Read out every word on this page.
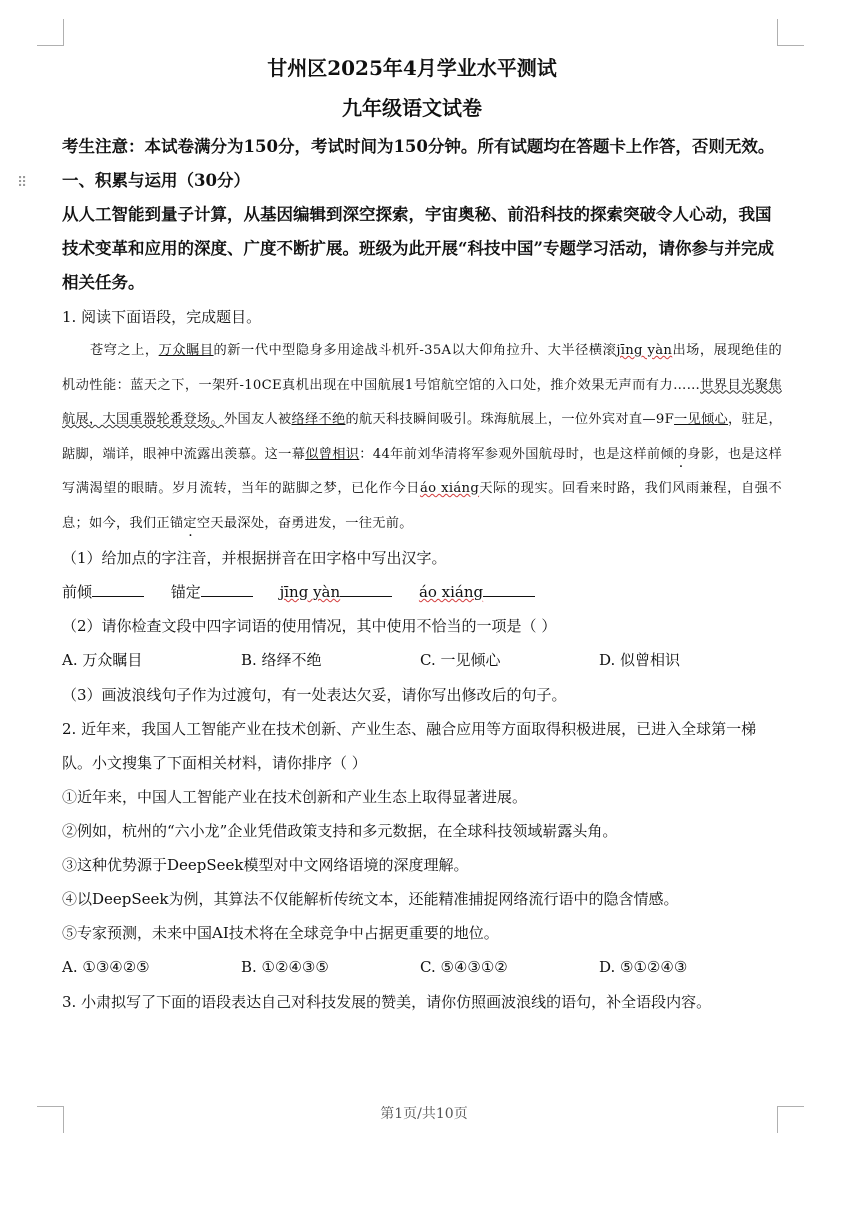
⠿
甘州区2025年4月学业水平测试
九年级语文试卷
考生注意：本试卷满分为150分，考试时间为150分钟。所有试题均在答题卡上作答，否则无效。
一、积累与运用（30分）
从人工智能到量子计算，从基因编辑到深空探索，宇宙奥秘、前沿科技的探索突破令人心动，我国技术变革和应用的深度、广度不断扩展。班级为此开展“科技中国”专题学习活动，请你参与并完成相关任务。
1. 阅读下面语段，完成题目。
苍穹之上，万众瞩目的新一代中型隐身多用途战斗机歼-35A以大仰角拉升、大半径横滚jīng yàn出场，展现绝佳的机动性能：蓝天之下，一架歼-10CE真机出现在中国航展1号馆航空馆的入口处，推介效果无声而有力……世界目光聚焦航展，大国重器轮番登场。外国友人被络绎不绝的航天科技瞬间吸引。珠海航展上，一位外宾对直—9F一见倾心，驻足，踮脚，端详，眼神中流露出羡慕。这一幕似曾相识：44年前刘华清将军参观外国航母时，也是这样前倾的身影，也是这样写满渴望的眼睛。岁月流转，当年的踮脚之梦，已化作今日áo xiáng天际的现实。回看来时路，我们风雨兼程，自强不息；如今，我们正锚定空天最深处，奋勇进发，一往无前。
（1）给加点的字注音，并根据拼音在田字格中写出汉字。
前倾	锚定	jīng yàn	áo xiáng
（2）请你检查文段中四字词语的使用情况，其中使用不恰当的一项是（ ）
A. 万众瞩目	B. 络绎不绝	C. 一见倾心	D. 似曾相识
（3）画波浪线句子作为过渡句，有一处表达欠妥，请你写出修改后的句子。
2. 近年来，我国人工智能产业在技术创新、产业生态、融合应用等方面取得积极进展，已进入全球第一梯队。小文搜集了下面相关材料，请你排序（ ）
①近年来，中国人工智能产业在技术创新和产业生态上取得显著进展。
②例如，杭州的“六小龙”企业凭借政策支持和多元数据，在全球科技领域崭露头角。
③这种优势源于DeepSeek模型对中文网络语境的深度理解。
④以DeepSeek为例，其算法不仅能解析传统文本，还能精准捕捉网络流行语中的隐含情感。
⑤专家预测，未来中国AI技术将在全球竞争中占据更重要的地位。
A. ①③④②⑤	B. ①②④③⑤	C. ⑤④③①②	D. ⑤①②④③
3. 小肃拟写了下面的语段表达自己对科技发展的赞美，请你仿照画波浪线的语句，补全语段内容。
第1页/共10页
